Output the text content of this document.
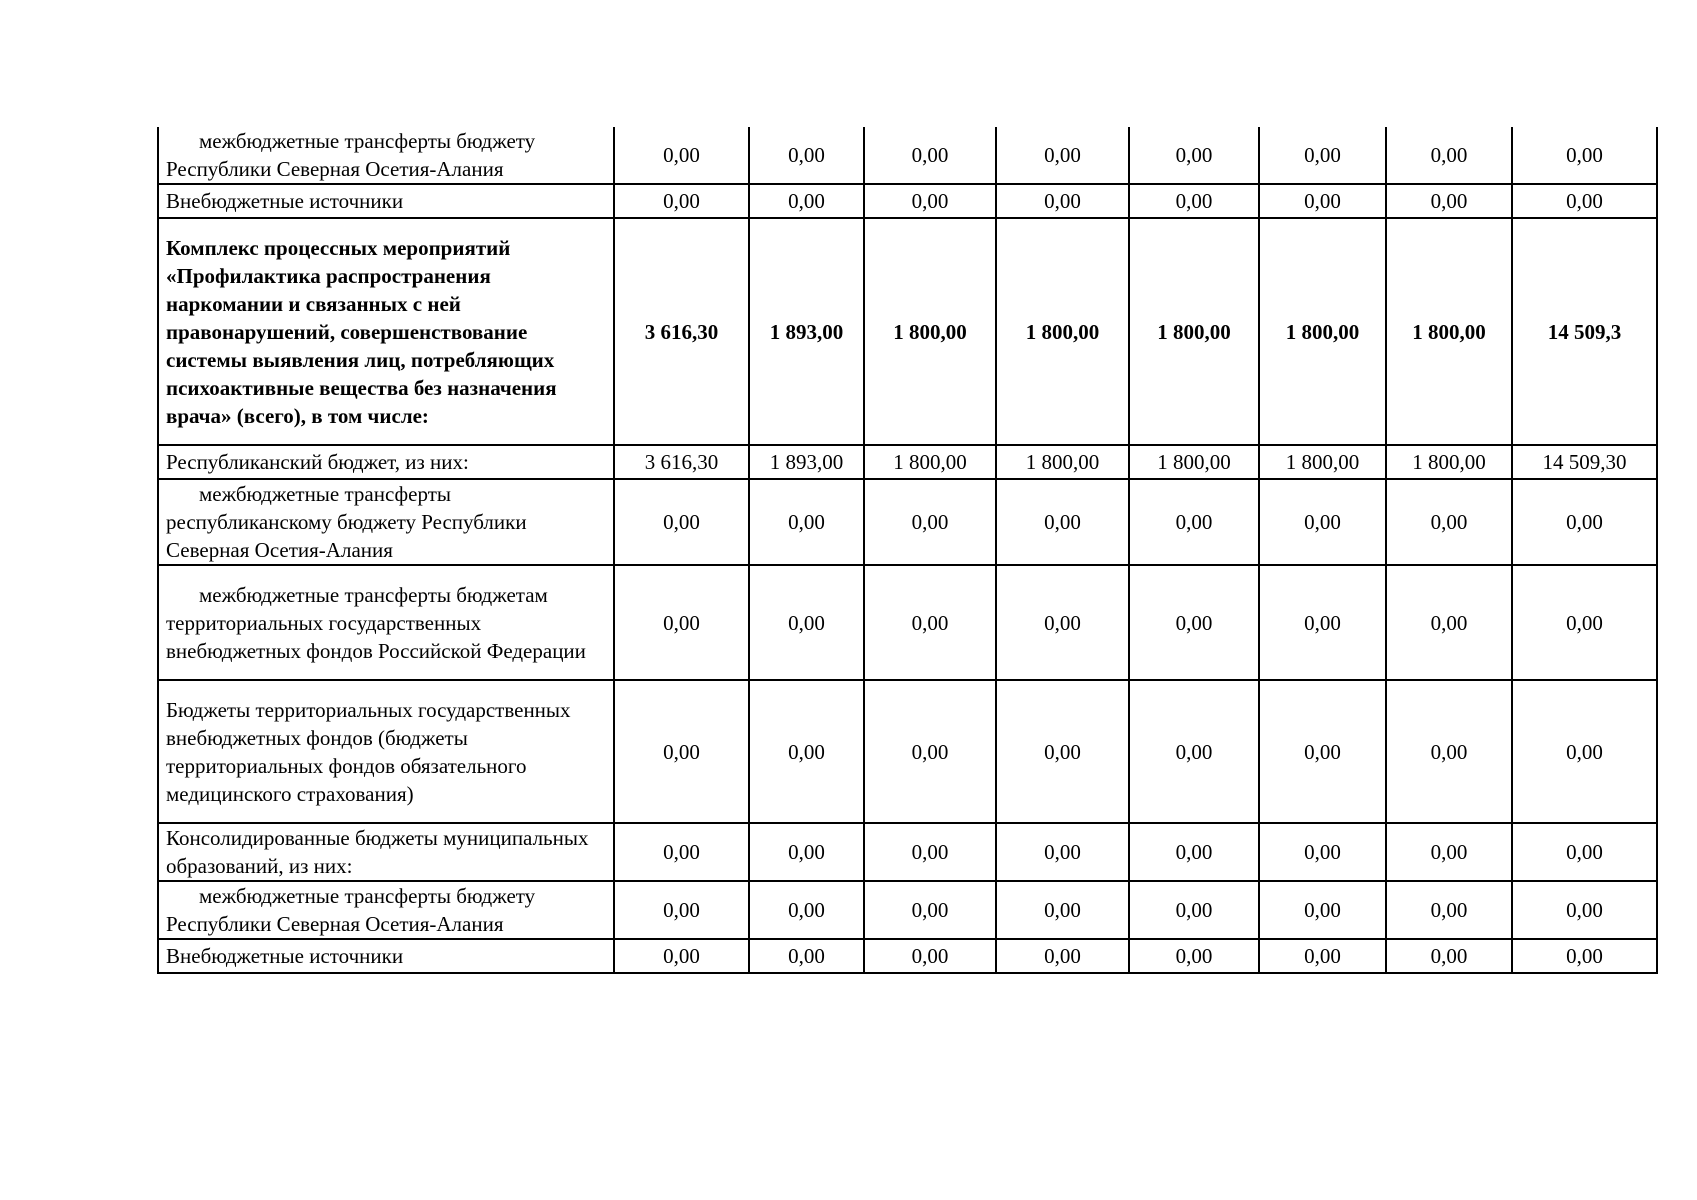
межбюджетные трансферты бюджету Республики Северная Осетия-Алания	0,00	0,00	0,00	0,00	0,00	0,00	0,00	0,00
Внебюджетные источники	0,00	0,00	0,00	0,00	0,00	0,00	0,00	0,00
Комплекс процессных мероприятий «Профилактика распространения наркомании и связанных с ней правонарушений, совершенствование системы выявления лиц, потребляющих психоактивные вещества без назначения врача» (всего), в том числе:	3 616,30	1 893,00	1 800,00	1 800,00	1 800,00	1 800,00	1 800,00	14 509,3
Республиканский бюджет, из них:	3 616,30	1 893,00	1 800,00	1 800,00	1 800,00	1 800,00	1 800,00	14 509,30
межбюджетные трансферты республиканскому бюджету Республики Северная Осетия-Алания	0,00	0,00	0,00	0,00	0,00	0,00	0,00	0,00
межбюджетные трансферты бюджетам территориальных государственных внебюджетных фондов Российской Федерации	0,00	0,00	0,00	0,00	0,00	0,00	0,00	0,00
Бюджеты территориальных государственных внебюджетных фондов (бюджеты территориальных фондов обязательного медицинского страхования)	0,00	0,00	0,00	0,00	0,00	0,00	0,00	0,00
Консолидированные бюджеты муниципальных образований, из них:	0,00	0,00	0,00	0,00	0,00	0,00	0,00	0,00
межбюджетные трансферты бюджету Республики Северная Осетия-Алания	0,00	0,00	0,00	0,00	0,00	0,00	0,00	0,00
Внебюджетные источники	0,00	0,00	0,00	0,00	0,00	0,00	0,00	0,00
